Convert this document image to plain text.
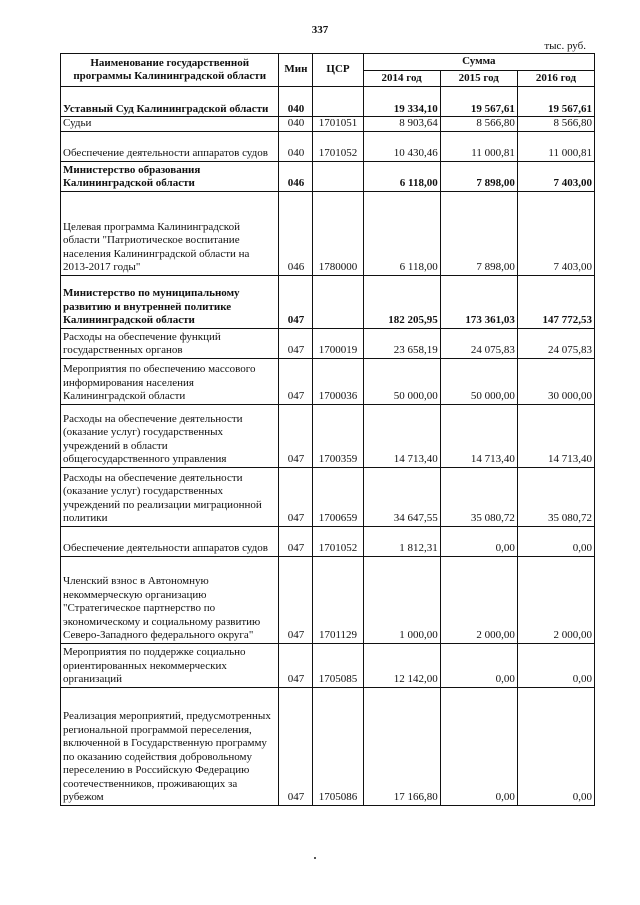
337
тыс. руб.
Наименование государственной программы Калининградской области	Мин	ЦСР	Сумма		
			2014 год	2015 год	2016 год
Уставный Суд Калининградской области	040		19 334,10	19 567,61	19 567,61
Судьи	040	1701051	8 903,64	8 566,80	8 566,80
Обеспечение деятельности аппаратов судов	040	1701052	10 430,46	11 000,81	11 000,81
Министерство образования Калининградской области	046		6 118,00	7 898,00	7 403,00
Целевая программа Калининградской области "Патриотическое воспитание населения Калининградской области на 2013-2017 годы"	046	1780000	6 118,00	7 898,00	7 403,00
Министерство по муниципальному развитию и внутренней политике Калининградской области	047		182 205,95	173 361,03	147 772,53
Расходы на обеспечение функций государственных органов	047	1700019	23 658,19	24 075,83	24 075,83
Мероприятия по обеспечению массового информирования населения Калининградской области	047	1700036	50 000,00	50 000,00	30 000,00
Расходы на обеспечение деятельности (оказание услуг) государственных учреждений в области общегосударственного управления	047	1700359	14 713,40	14 713,40	14 713,40
Расходы на обеспечение деятельности (оказание услуг) государственных учреждений по реализации миграционной политики	047	1700659	34 647,55	35 080,72	35 080,72
Обеспечение деятельности аппаратов судов	047	1701052	1 812,31	0,00	0,00
Членский взнос в Автономную некоммерческую организацию "Стратегическое партнерство по экономическому и социальному развитию Северо-Западного федерального округа"	047	1701129	1 000,00	2 000,00	2 000,00
Мероприятия по поддержке социально ориентированных некоммерческих организаций	047	1705085	12 142,00	0,00	0,00
Реализация мероприятий, предусмотренных региональной программой переселения, включенной в Государственную программу по оказанию содействия добровольному переселению в Российскую Федерацию соотечественников, проживающих за рубежом	047	1705086	17 166,80	0,00	0,00
